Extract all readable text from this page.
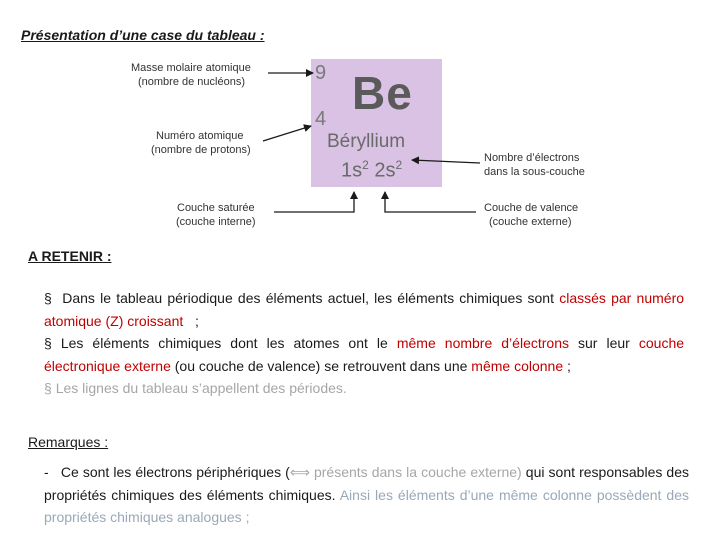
Présentation d’une case du tableau :
Masse molaire atomique
(nombre de nucléons)
Numéro atomique
(nombre de protons)
Couche saturée
(couche interne)
Nombre d’électrons
dans la sous-couche
Couche de valence
(couche externe)
9
4 Be
Béryllium
$1s^2$ $2s^2$
A RETENIR :

§ Dans le tableau périodique des éléments actuel, les éléments chimiques sont classés par numéro atomique (Z) croissant ;

§ Les éléments chimiques dont les atomes ont le même nombre d’électrons sur leur couche électronique externe (ou couche de valence) se retrouvent dans une même colonne ;

§ Les lignes du tableau s’appellent des périodes.

Remarques :

- Ce sont les électrons périphériques (⟺ présents dans la couche externe) qui sont responsables des propriétés chimiques des éléments chimiques. Ainsi les éléments d’une même colonne possèdent des propriétés chimiques analogues ;
